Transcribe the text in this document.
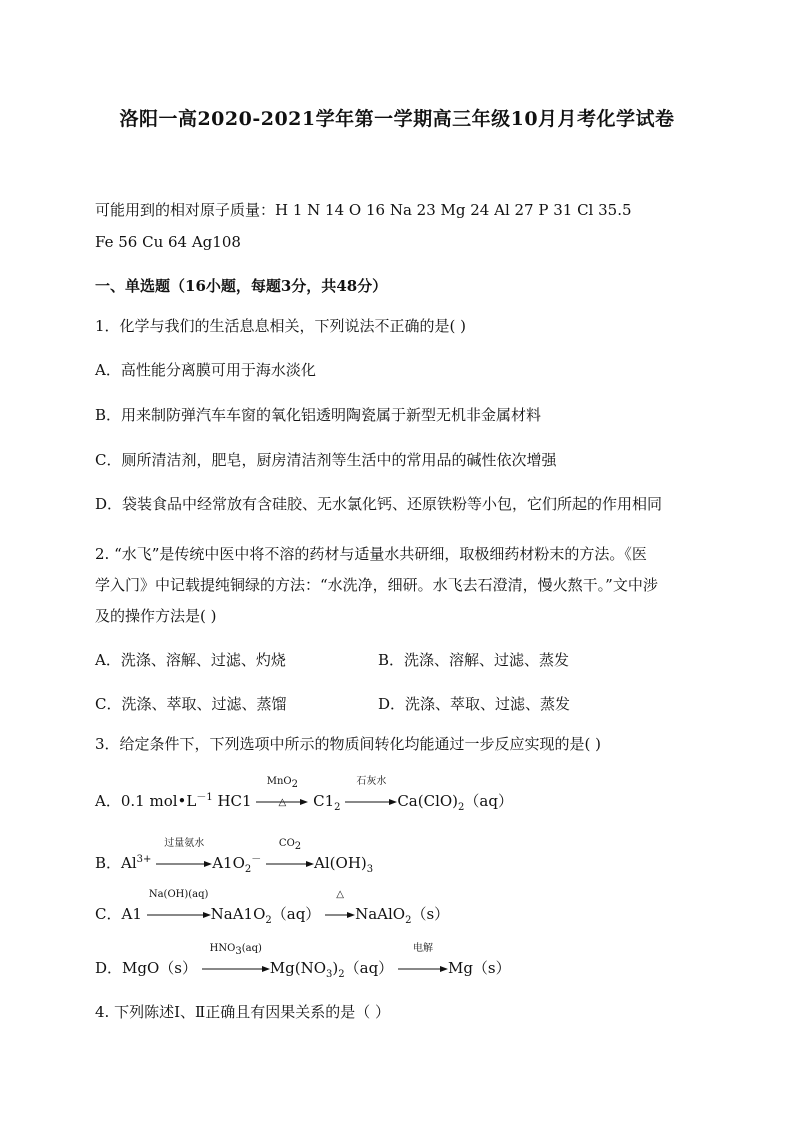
洛阳一高2020-2021学年第一学期高三年级10月月考化学试卷
可能用到的相对原子质量：H 1 N 14 O 16 Na 23 Mg 24 Al 27 P 31 Cl 35.5
Fe 56 Cu 64 Ag108
一、单选题（16小题，每题3分，共48分）
1．化学与我们的生活息息相关，下列说法不正确的是( )
A．高性能分离膜可用于海水淡化
B．用来制防弹汽车车窗的氧化铝透明陶瓷属于新型无机非金属材料
C．厕所清洁剂，肥皂，厨房清洁剂等生活中的常用品的碱性依次增强
D．袋装食品中经常放有含硅胶、无水氯化钙、还原铁粉等小包，它们所起的作用相同
2. “水飞”是传统中医中将不溶的药材与适量水共研细，取极细药材粉末的方法。《医
学入门》中记载提纯铜绿的方法：“水洗净，细研。水飞去石澄清，慢火熬干。”文中涉
及的操作方法是( )
A．洗涤、溶解、过滤、灼烧	B．洗涤、溶解、过滤、蒸发
C．洗涤、萃取、过滤、蒸馏	D．洗涤、萃取、过滤、蒸发
3．给定条件下，下列选项中所示的物质间转化均能通过一步反应实现的是( )
A．0.1 $mol•L^{-1}$ HC1
MnO$_2$
△	$C1_2$
石灰水
$Ca(ClO)_2(aq)$
B．$Al^{3+}$
过量氨水
$A1O_2^-$
$CO_2$
$Al(OH)_3$
C．A1
Na(OH)(aq)
$NaA1O_2(aq)$
△
NaAlO$_2$（s）
D．MgO（s）
$HNO_3(aq)$
$Mg(NO_3)_2(aq)$
电解
Mg（s）
4. 下列陈述Ⅰ、Ⅱ正确且有因果关系的是（ ）
